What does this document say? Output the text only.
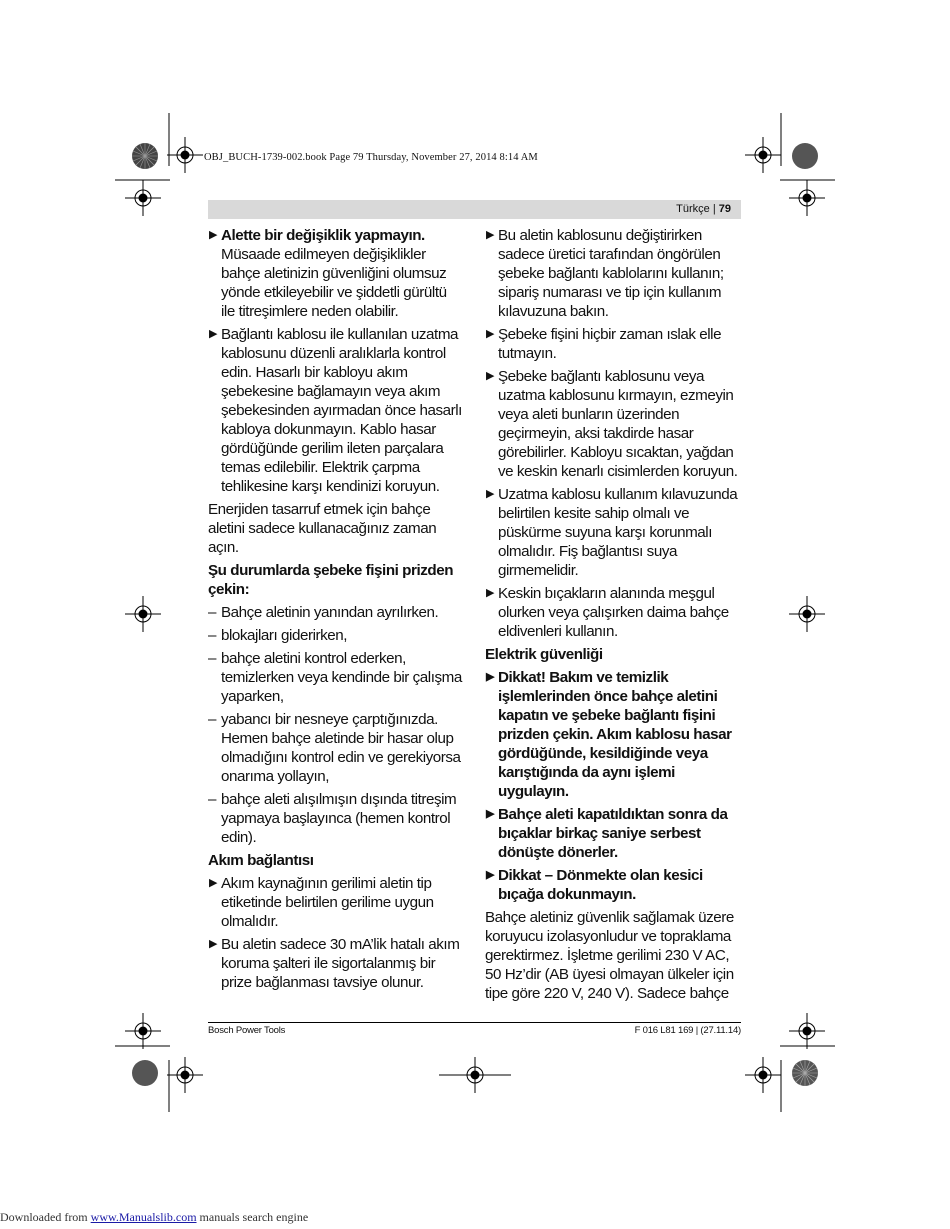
OBJ_BUCH-1739-002.book Page 79 Thursday, November 27, 2014 8:14 AM
Türkçe | 79
▶ Alette bir değişiklik yapmayın. Müsaade edilmeyen değişiklikler bahçe aletinizin güvenliğini olumsuz yönde etkileyebilir ve şiddetli gürültü ile titreşimlere neden olabilir.
▶ Bağlantı kablosu ile kullanılan uzatma kablosunu düzenli aralıklarla kontrol edin. Hasarlı bir kabloyu akım şebekesine bağlamayın veya akım şebekesinden ayırmadan önce hasarlı kabloya dokunmayın. Kablo hasar gördüğünde gerilim ileten parçalara temas edilebilir. Elektrik çarpma tehlikesine karşı kendinizi koruyun.

Enerjiden tasarruf etmek için bahçe aletini sadece kullanacağınız zaman açın.

Şu durumlarda şebeke fişini prizden çekin:
– Bahçe aletinin yanından ayrılırken.
– blokajları giderirken,
– bahçe aletini kontrol ederken, temizlerken veya kendinde bir çalışma yaparken,
– yabancı bir nesneye çarptığınızda. Hemen bahçe aletinde bir hasar olup olmadığını kontrol edin ve gerekiyorsa onarıma yollayın,
– bahçe aleti alışılmışın dışında titreşim yapmaya başlayınca (hemen kontrol edin).
Akım bağlantısı
▶ Akım kaynağının gerilimi aletin tip etiketinde belirtilen gerilime uygun olmalıdır.
▶ Bu aletin sadece 30 mA’lik hatalı akım koruma şalteri ile sigortalanmış bir prize bağlanması tavsiye olunur.
▶ Bu aletin kablosunu değiştirirken sadece üretici tarafından öngörülen şebeke bağlantı kablolarını kullanın; sipariş numarası ve tip için kullanım kılavuzuna bakın.
▶ Şebeke fişini hiçbir zaman ıslak elle tutmayın.
▶ Şebeke bağlantı kablosunu veya uzatma kablosunu kırmayın, ezmeyin veya aleti bunların üzerinden geçirmeyin, aksi takdirde hasar görebilirler. Kabloyu sıcaktan, yağdan ve keskin kenarlı cisimlerden koruyun.
▶ Uzatma kablosu kullanım kılavuzunda belirtilen kesite sahip olmalı ve püskürme suyuna karşı korunmalı olmalıdır. Fiş bağlantısı suya girmemelidir.
▶ Keskin bıçakların alanında meşgul olurken veya çalışırken daima bahçe eldivenleri kullanın.
Elektrik güvenliği
▶ Dikkat! Bakım ve temizlik işlemlerinden önce bahçe aletini kapatın ve şebeke bağlantı fişini prizden çekin. Akım kablosu hasar gördüğünde, kesildiğinde veya karıştığında da aynı işlemi uygulayın.
▶ Bahçe aleti kapatıldıktan sonra da bıçaklar birkaç saniye serbest dönüşte dönerler.
▶ Dikkat – Dönmekte olan kesici bıçağa dokunmayın.

Bahçe aletiniz güvenlik sağlamak üzere koruyucu izolasyonludur ve topraklama gerektirmez. İşletme gerilimi 230 V AC, 50 Hz’dir (AB üyesi olmayan ülkeler için tipe göre 220 V, 240 V). Sadece bahçe

Bosch Power Tools	F 016 L81 169 | (27.11.14)
Downloaded from www.Manualslib.com manuals search engine
